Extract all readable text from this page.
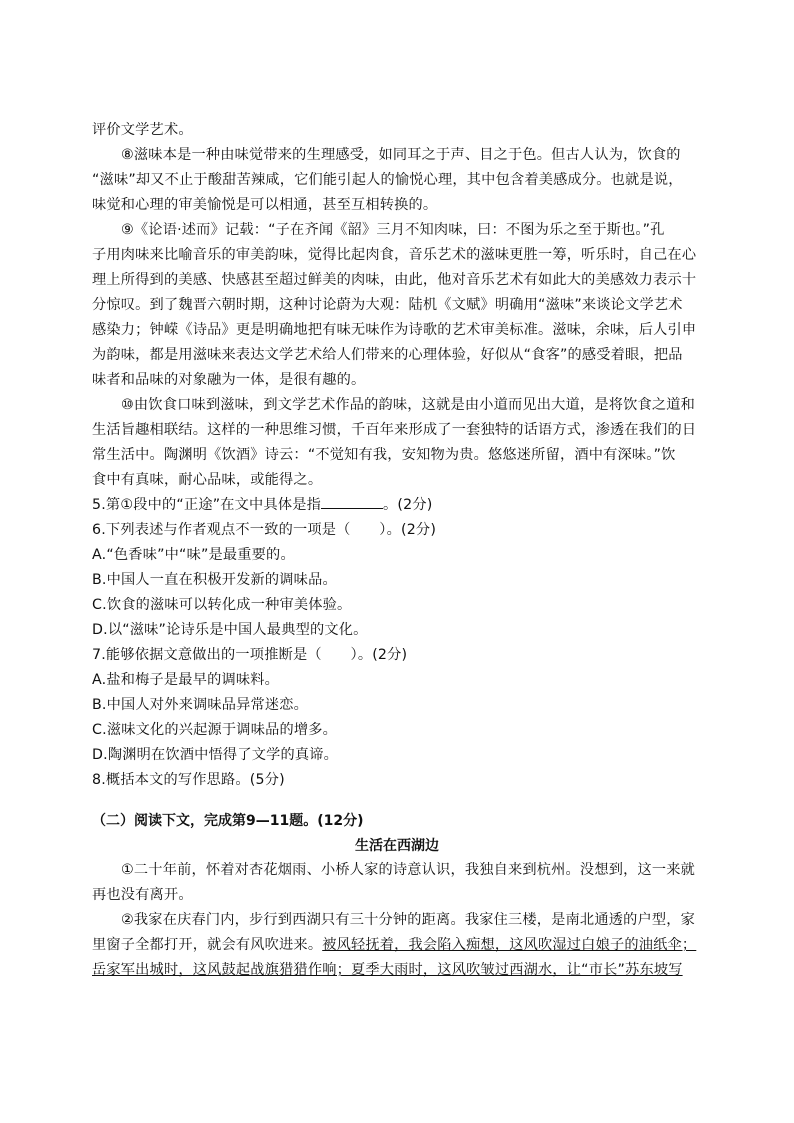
评价文学艺术。
⑧滋味本是一种由味觉带来的生理感受，如同耳之于声、目之于色。但古人认为，饮食的
“滋味”却又不止于酸甜苦辣咸，它们能引起人的愉悦心理，其中包含着美感成分。也就是说，
味觉和心理的审美愉悦是可以相通，甚至互相转换的。
⑨《论语·述而》记载：“子在齐闻《韶》三月不知肉味，曰：不图为乐之至于斯也。”孔
子用肉味来比喻音乐的审美韵味，觉得比起肉食，音乐艺术的滋味更胜一筹，听乐时，自己在心
理上所得到的美感、快感甚至超过鲜美的肉味，由此，他对音乐艺术有如此大的美感效力表示十
分惊叹。到了魏晋六朝时期，这种讨论蔚为大观：陆机《文赋》明确用“滋味”来谈论文学艺术
感染力；钟嵘《诗品》更是明确地把有味无味作为诗歌的艺术审美标准。滋味，余味，后人引申
为韵味，都是用滋味来表达文学艺术给人们带来的心理体验，好似从“食客”的感受着眼，把品
味者和品味的对象融为一体，是很有趣的。
⑩由饮食口味到滋味，到文学艺术作品的韵味，这就是由小道而见出大道，是将饮食之道和
生活旨趣相联结。这样的一种思维习惯，千百年来形成了一套独特的话语方式，渗透在我们的日
常生活中。陶渊明《饮酒》诗云：“不觉知有我，安知物为贵。悠悠迷所留，酒中有深味。”饮
食中有真味，耐心品味，或能得之。
5.第①段中的“正途”在文中具体是指	。(2分)
6.下列表述与作者观点不一致的一项是（　　）。(2分)
A.“色香味”中“味”是最重要的。
B.中国人一直在积极开发新的调味品。
C.饮食的滋味可以转化成一种审美体验。
D.以“滋味”论诗乐是中国人最典型的文化。
7.能够依据文意做出的一项推断是（　　）。(2分)
A.盐和梅子是最早的调味料。
B.中国人对外来调味品异常迷恋。
C.滋味文化的兴起源于调味品的增多。
D.陶渊明在饮酒中悟得了文学的真谛。
8.概括本文的写作思路。(5分)
（二）阅读下文，完成第9—11题。(12分)
生活在西湖边
①二十年前，怀着对杏花烟雨、小桥人家的诗意认识，我独自来到杭州。没想到，这一来就
再也没有离开。
②我家在庆春门内，步行到西湖只有三十分钟的距离。我家住三楼，是南北通透的户型，家
里窗子全都打开，就会有风吹进来。被风轻抚着，我会陷入痴想，这风吹湿过白娘子的油纸伞；
岳家军出城时，这风鼓起战旗猎猎作响；夏季大雨时，这风吹皱过西湖水，让“市长”苏东坡写
